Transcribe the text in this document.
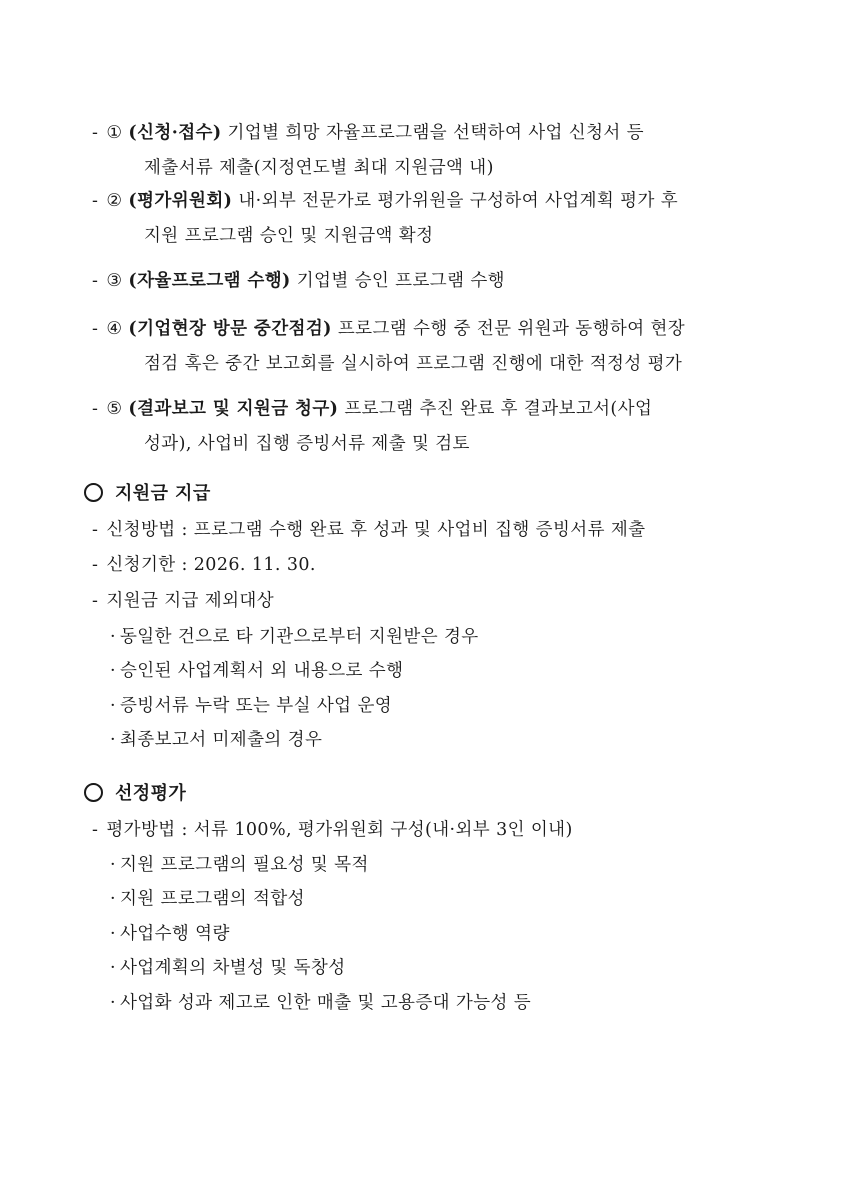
- ① (신청·접수) 기업별 희망 자율프로그램을 선택하여 사업 신청서 등
제출서류 제출(지정연도별 최대 지원금액 내)
- ② (평가위원회) 내·외부 전문가로 평가위원을 구성하여 사업계획 평가 후
지원 프로그램 승인 및 지원금액 확정
- ③ (자율프로그램 수행) 기업별 승인 프로그램 수행
- ④ (기업현장 방문 중간점검) 프로그램 수행 중 전문 위원과 동행하여 현장
점검 혹은 중간 보고회를 실시하여 프로그램 진행에 대한 적정성 평가
- ⑤ (결과보고 및 지원금 청구) 프로그램 추진 완료 후 결과보고서(사업
성과), 사업비 집행 증빙서류 제출 및 검토
지원금 지급
- 신청방법 : 프로그램 수행 완료 후 성과 및 사업비 집행 증빙서류 제출
- 신청기한 : 2026. 11. 30.
- 지원금 지급 제외대상
· 동일한 건으로 타 기관으로부터 지원받은 경우
· 승인된 사업계획서 외 내용으로 수행
· 증빙서류 누락 또는 부실 사업 운영
· 최종보고서 미제출의 경우
선정평가
- 평가방법 : 서류 100%, 평가위원회 구성(내·외부 3인 이내)
· 지원 프로그램의 필요성 및 목적
· 지원 프로그램의 적합성
· 사업수행 역량
· 사업계획의 차별성 및 독창성
· 사업화 성과 제고로 인한 매출 및 고용증대 가능성 등
